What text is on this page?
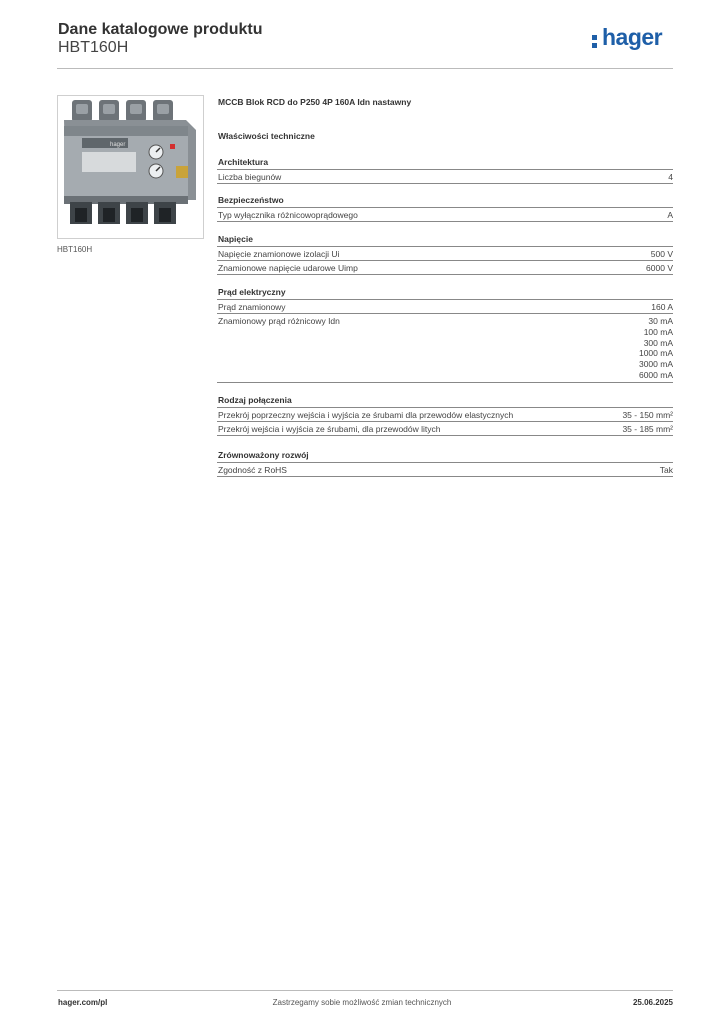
Dane katalogowe produktu
HBT160H	hager
hager
HBT160H
MCCB Blok RCD do P250 4P 160A Idn nastawny
Właściwości techniczne
Architektura
Liczba biegunów	4
Bezpieczeństwo
Typ wyłącznika różnicowoprądowego	A
Napięcie
Napięcie znamionowe izolacji Ui	500 V
Znamionowe napięcie udarowe Uimp	6000 V
Prąd elektryczny
Prąd znamionowy	160 A
Znamionowy prąd różnicowy Idn	30 mA
100 mA
300 mA
1000 mA
3000 mA
6000 mA
Rodzaj połączenia
Przekrój poprzeczny wejścia i wyjścia ze śrubami dla przewodów elastycznych	35 - 150 mm²
Przekrój wejścia i wyjścia ze śrubami, dla przewodów litych	35 - 185 mm²
Zrównoważony rozwój
Zgodność z RoHS	Tak
hager.com/pl	Zastrzegamy sobie możliwość zmian technicznych	25.06.2025
